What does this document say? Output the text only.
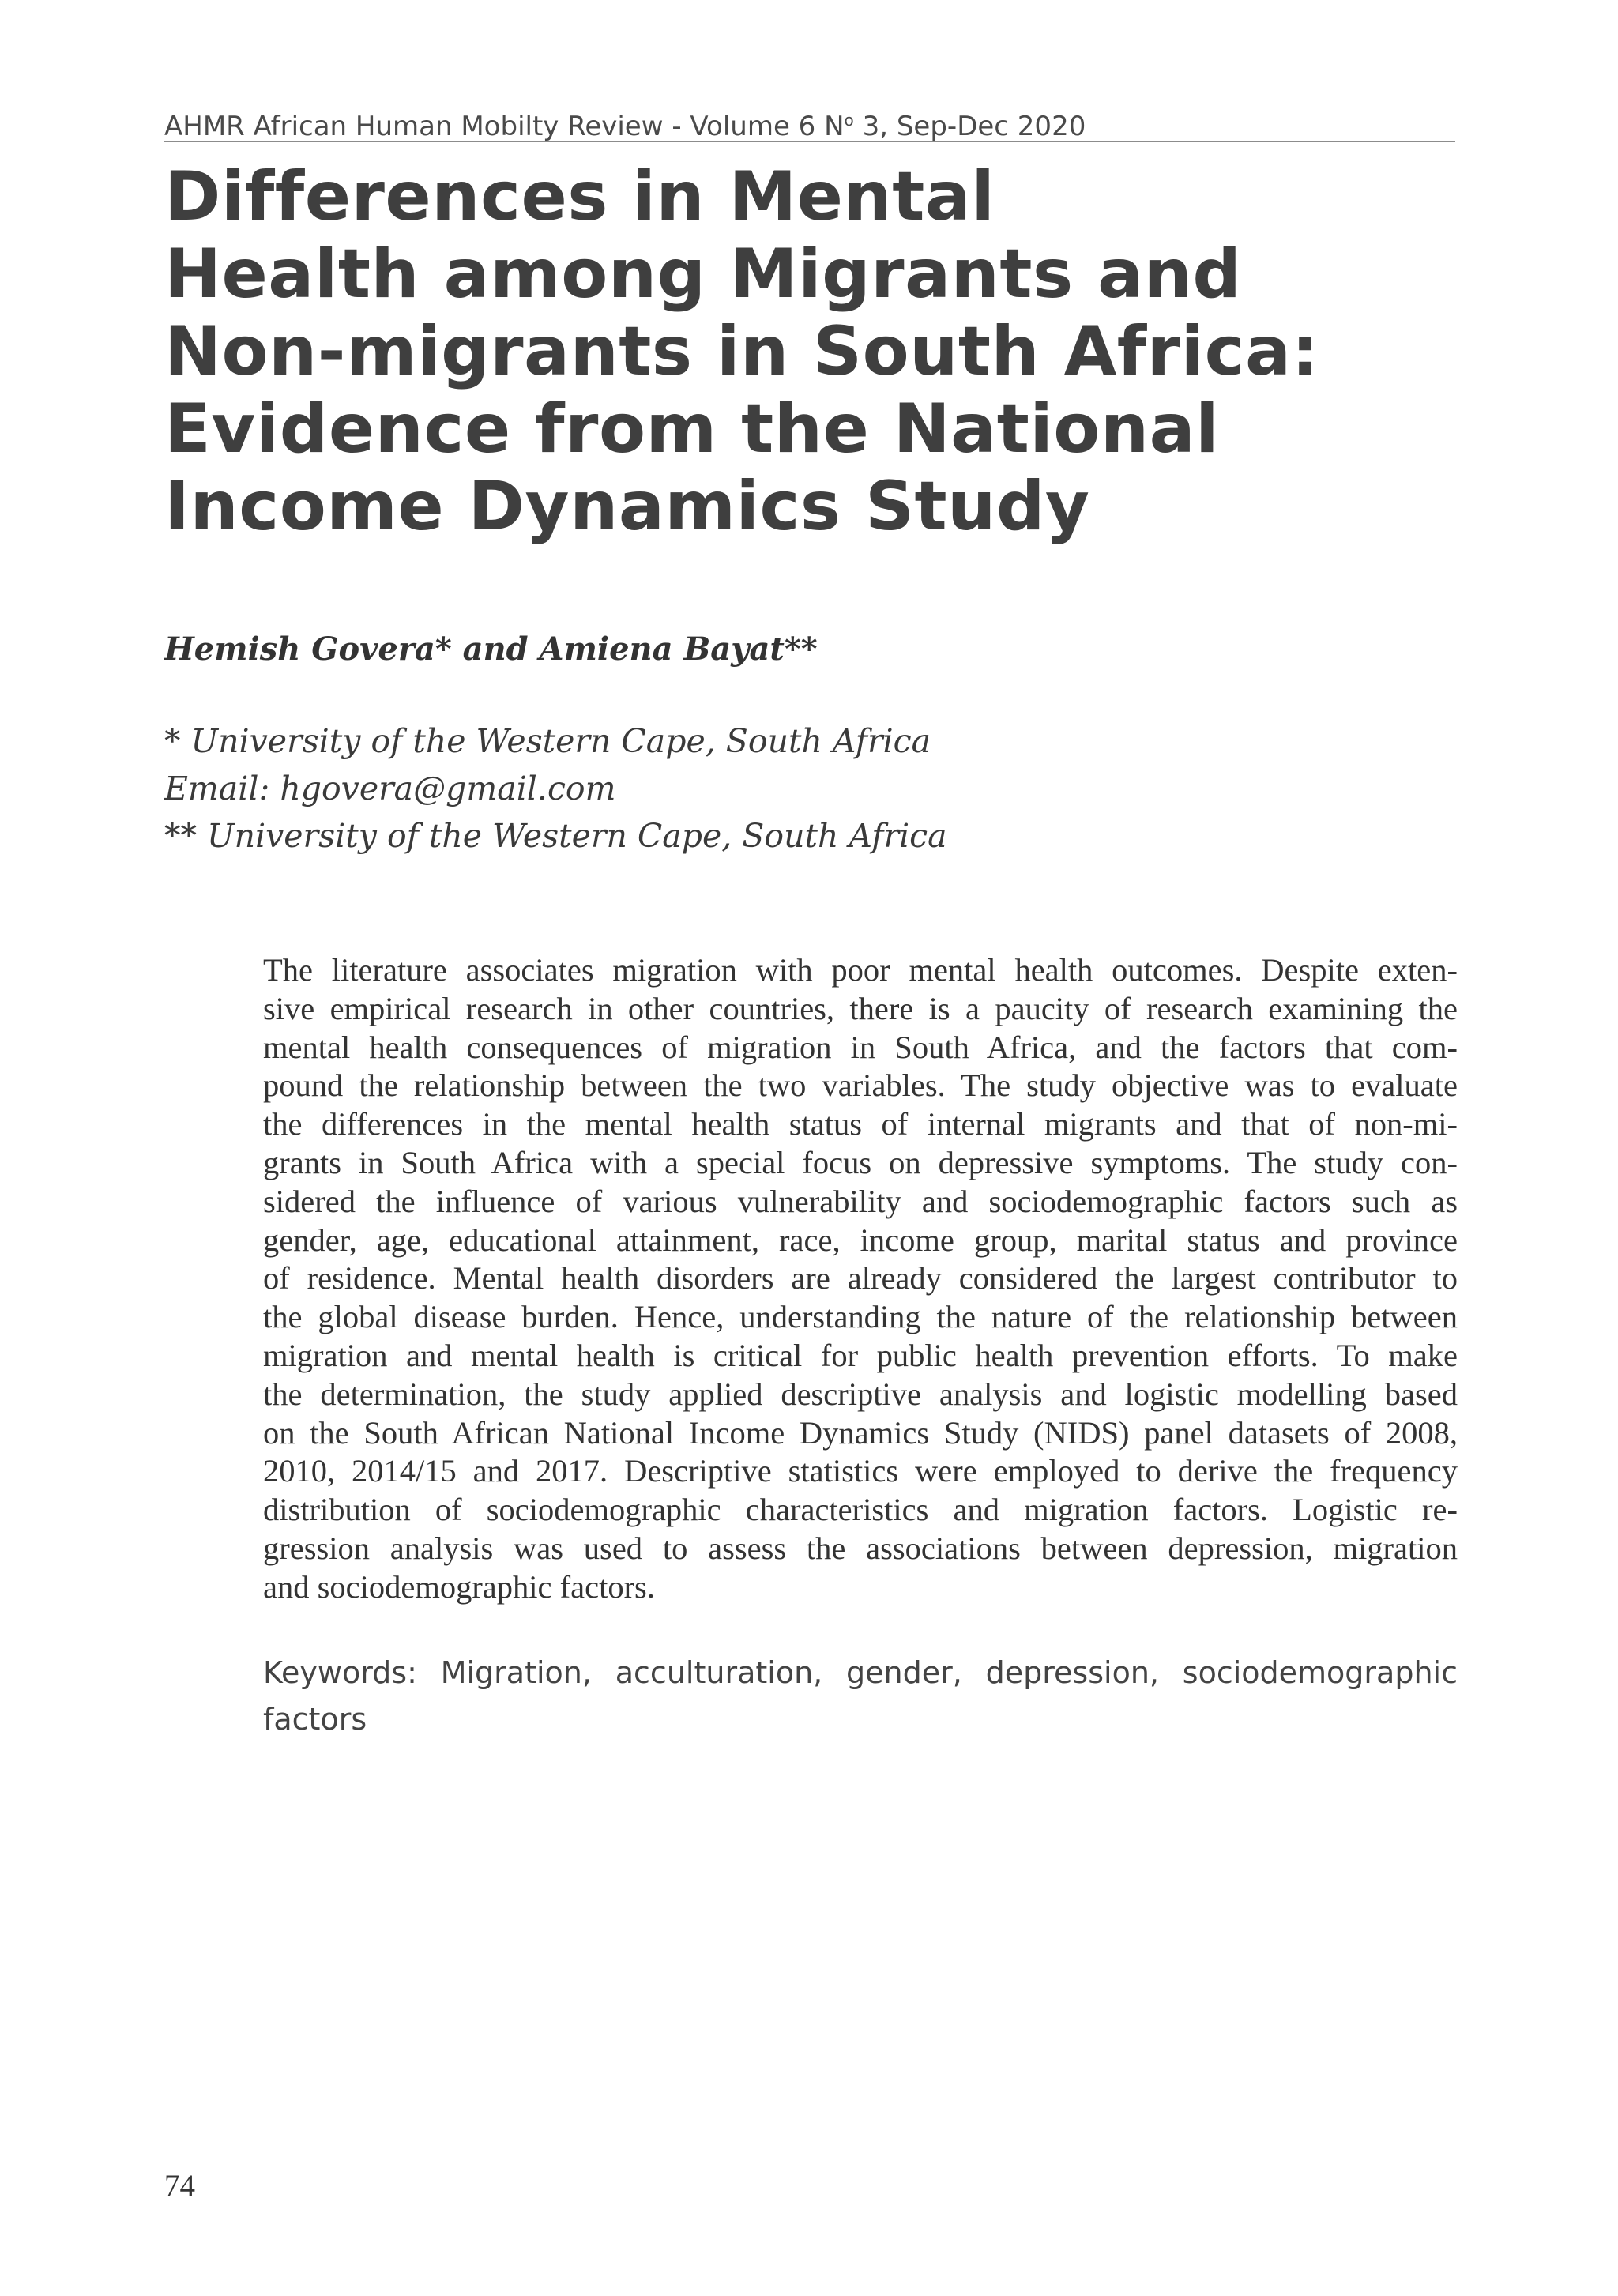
AHMR African Human Mobilty Review - Volume 6 $N^o$ 3, Sep-Dec 2020
Differences in Mental
Health among Migrants and
Non-migrants in South Africa:
Evidence from the National
Income Dynamics Study
Hemish Govera* and Amiena Bayat**
* University of the Western Cape, South Africa
Email: hgovera@gmail.com
** University of the Western Cape, South Africa
The literature associates migration with poor mental health outcomes. Despite exten-
sive empirical research in other countries, there is a paucity of research examining the
mental health consequences of migration in South Africa, and the factors that com-
pound the relationship between the two variables. The study objective was to evaluate
the differences in the mental health status of internal migrants and that of non-mi-
grants in South Africa with a special focus on depressive symptoms. The study con-
sidered the influence of various vulnerability and sociodemographic factors such as
gender, age, educational attainment, race, income group, marital status and province
of residence. Mental health disorders are already considered the largest contributor to
the global disease burden. Hence, understanding the nature of the relationship between
migration and mental health is critical for public health prevention efforts. To make
the determination, the study applied descriptive analysis and logistic modelling based
on the South African National Income Dynamics Study (NIDS) panel datasets of 2008,
2010, 2014/15 and 2017. Descriptive statistics were employed to derive the frequency
distribution of sociodemographic characteristics and migration factors. Logistic re-
gression analysis was used to assess the associations between depression, migration
and sociodemographic factors.
Keywords: Migration, acculturation, gender, depression, sociodemographic
factors
74
